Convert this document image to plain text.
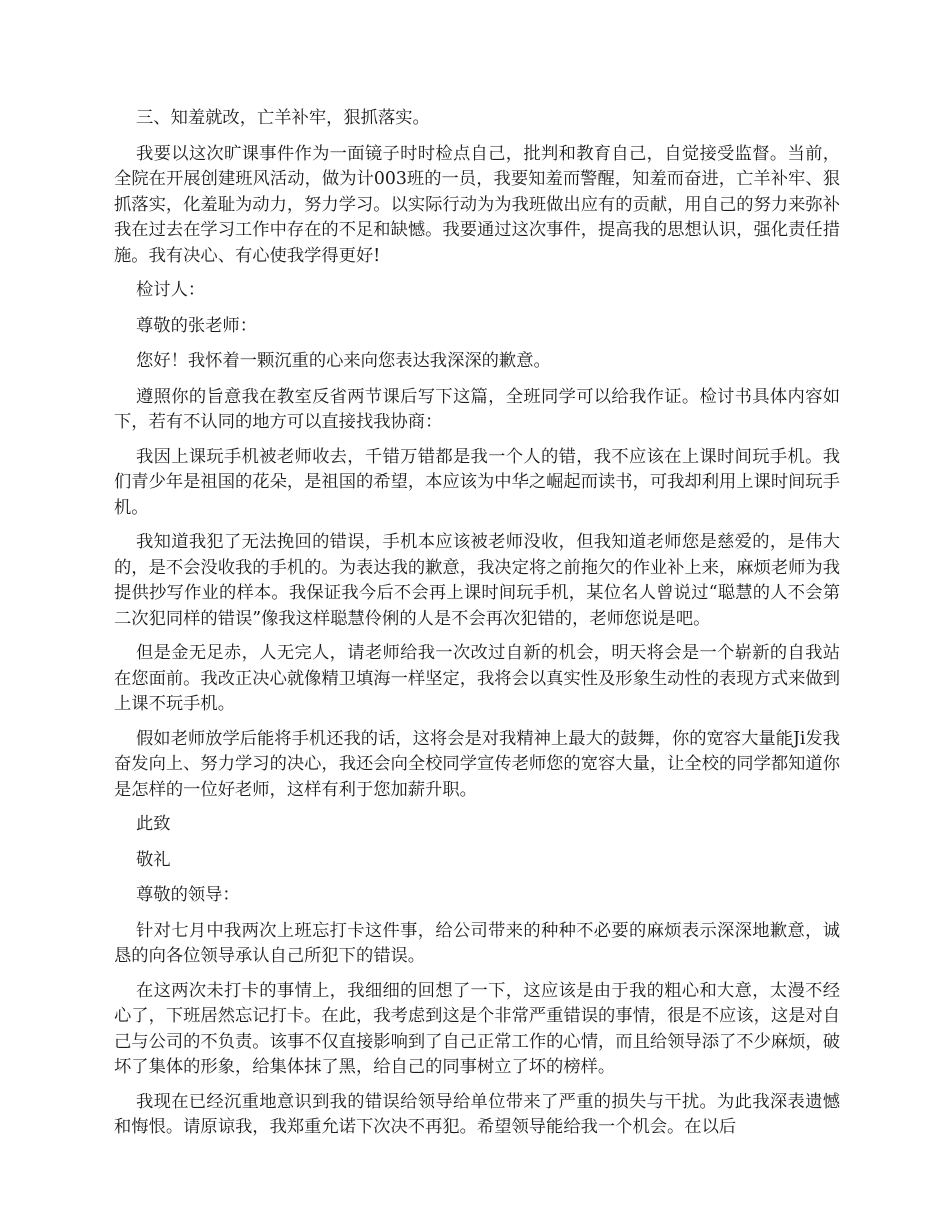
三、知羞就改，亡羊补牢，狠抓落实。

我要以这次旷课事件作为一面镜子时时检点自己，批判和教育自己，自觉接受监督。当前，全院在开展创建班风活动，做为计003班的一员，我要知羞而警醒，知羞而奋进，亡羊补牢、狠抓落实，化羞耻为动力，努力学习。以实际行动为为我班做出应有的贡献，用自己的努力来弥补我在过去在学习工作中存在的不足和缺憾。我要通过这次事件，提高我的思想认识，强化责任措施。我有决心、有心使我学得更好!

检讨人：

尊敬的张老师：

您好！我怀着一颗沉重的心来向您表达我深深的歉意。

遵照你的旨意我在教室反省两节课后写下这篇，全班同学可以给我作证。检讨书具体内容如下，若有不认同的地方可以直接找我协商：

我因上课玩手机被老师收去，千错万错都是我一个人的错，我不应该在上课时间玩手机。我们青少年是祖国的花朵，是祖国的希望，本应该为中华之崛起而读书，可我却利用上课时间玩手机。

我知道我犯了无法挽回的错误，手机本应该被老师没收，但我知道老师您是慈爱的，是伟大的，是不会没收我的手机的。为表达我的歉意，我决定将之前拖欠的作业补上来，麻烦老师为我提供抄写作业的样本。我保证我今后不会再上课时间玩手机，某位名人曾说过“聪慧的人不会第二次犯同样的错误”像我这样聪慧伶俐的人是不会再次犯错的，老师您说是吧。

但是金无足赤，人无完人，请老师给我一次改过自新的机会，明天将会是一个崭新的自我站在您面前。我改正决心就像精卫填海一样坚定，我将会以真实性及形象生动性的表现方式来做到上课不玩手机。

假如老师放学后能将手机还我的话，这将会是对我精神上最大的鼓舞，你的宽容大量能Ji发我奋发向上、努力学习的决心，我还会向全校同学宣传老师您的宽容大量，让全校的同学都知道你是怎样的一位好老师，这样有利于您加薪升职。

此致

敬礼

尊敬的领导：

针对七月中我两次上班忘打卡这件事，给公司带来的种种不必要的麻烦表示深深地歉意，诚恳的向各位领导承认自己所犯下的错误。

在这两次未打卡的事情上，我细细的回想了一下，这应该是由于我的粗心和大意，太漫不经心了，下班居然忘记打卡。在此，我考虑到这是个非常严重错误的事情，很是不应该，这是对自己与公司的不负责。该事不仅直接影响到了自己正常工作的心情，而且给领导添了不少麻烦，破坏了集体的形象，给集体抹了黑，给自己的同事树立了坏的榜样。

我现在已经沉重地意识到我的错误给领导给单位带来了严重的损失与干扰。为此我深表遗憾和悔恨。请原谅我，我郑重允诺下次决不再犯。希望领导能给我一个机会。在以后
